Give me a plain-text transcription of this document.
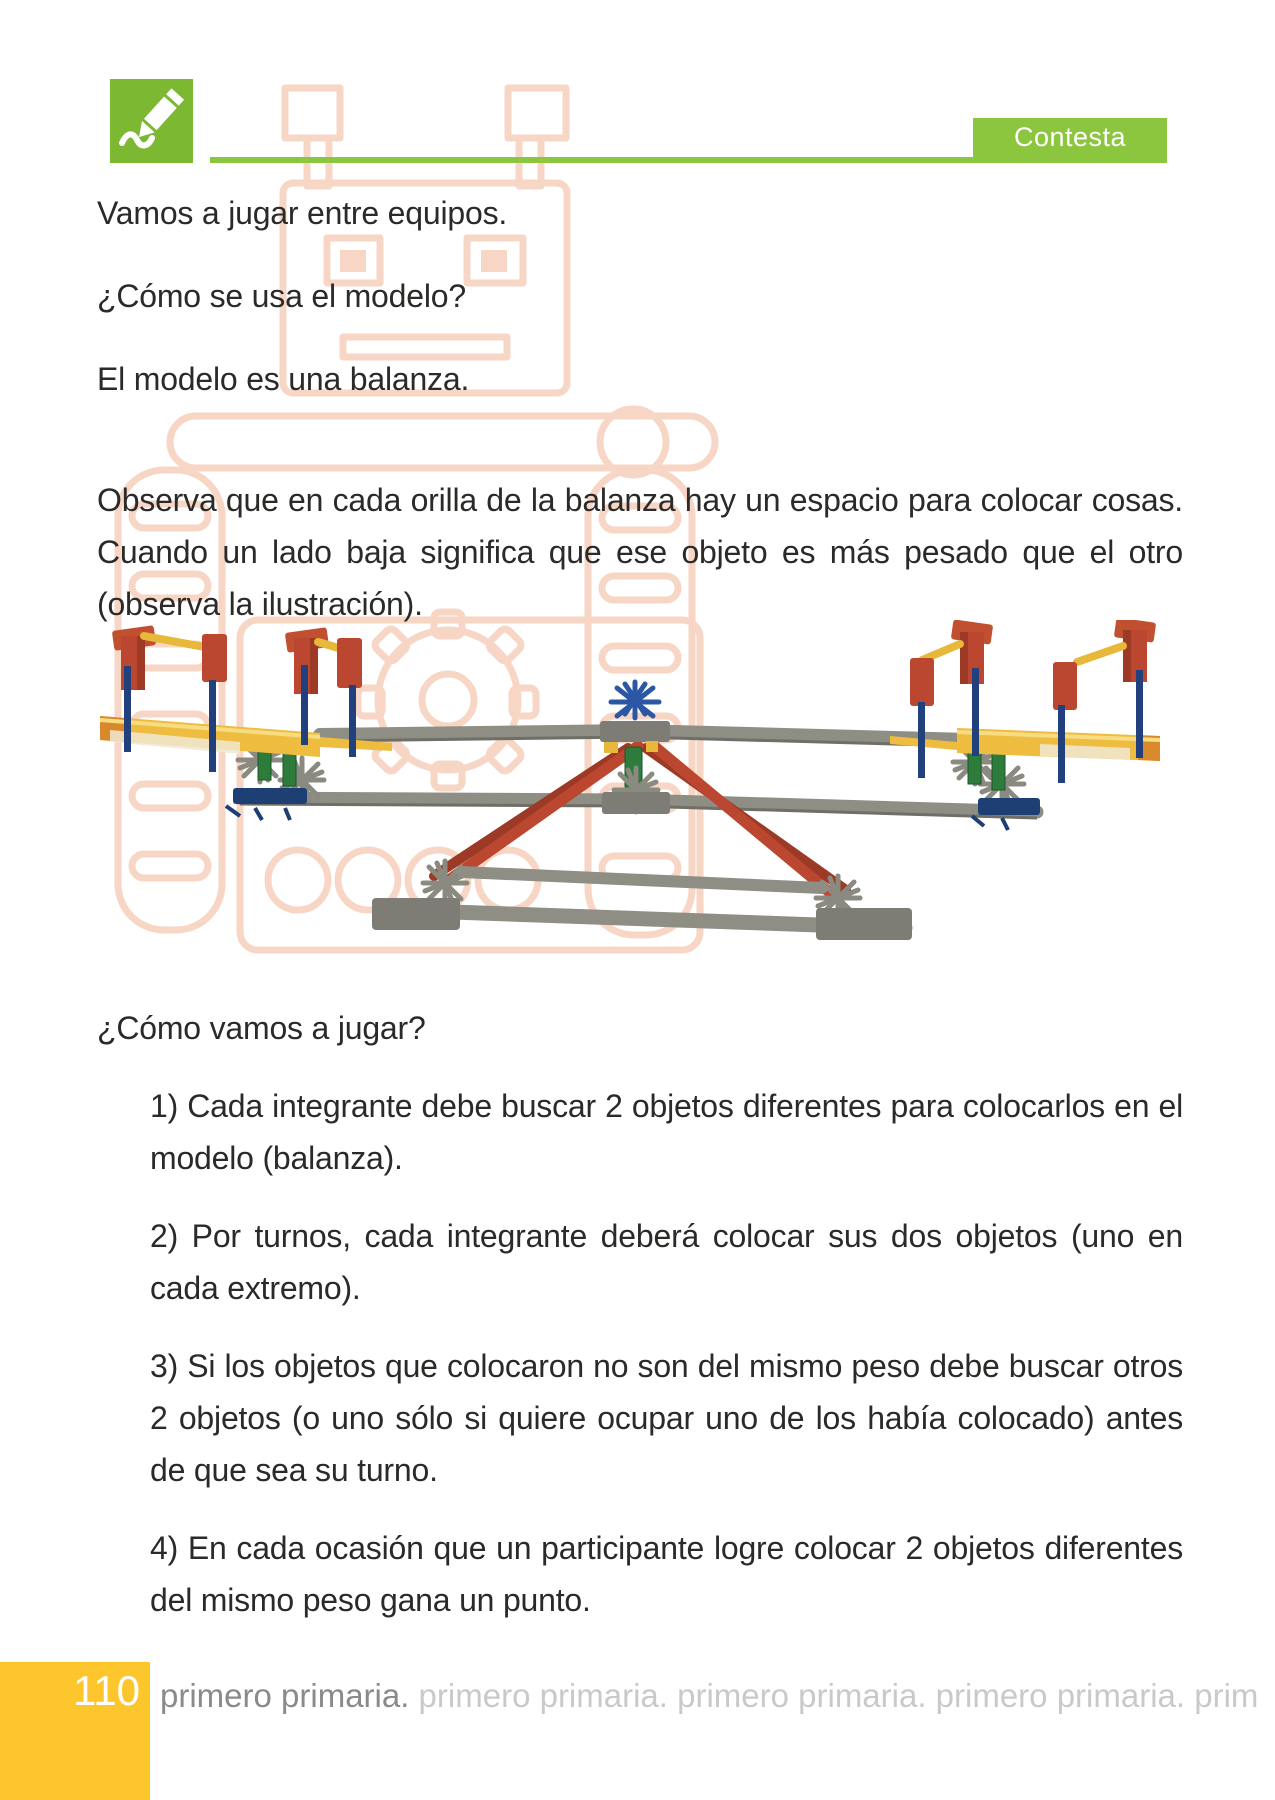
Contesta
Vamos a jugar entre equipos.
¿Cómo se usa el modelo?
El modelo es una balanza.
Observa que en cada orilla de la balanza hay un espacio para colocar cosas. Cuando un lado baja significa que ese objeto es más pesado que el otro (observa la ilustración).
¿Cómo vamos a jugar?
1) Cada integrante debe buscar 2 objetos diferentes para colocarlos en el modelo (balanza).
2) Por turnos, cada integrante deberá colocar sus dos objetos (uno en cada extremo).
3) Si los objetos que colocaron no son del mismo peso debe buscar otros 2 objetos (o uno sólo si quiere ocupar uno de los había colocado) antes de que sea su turno.
4) En cada ocasión que un participante logre colocar 2 objetos diferentes del mismo peso gana un punto.
110 primero primaria. primero primaria. primero primaria. primero primaria. prim
